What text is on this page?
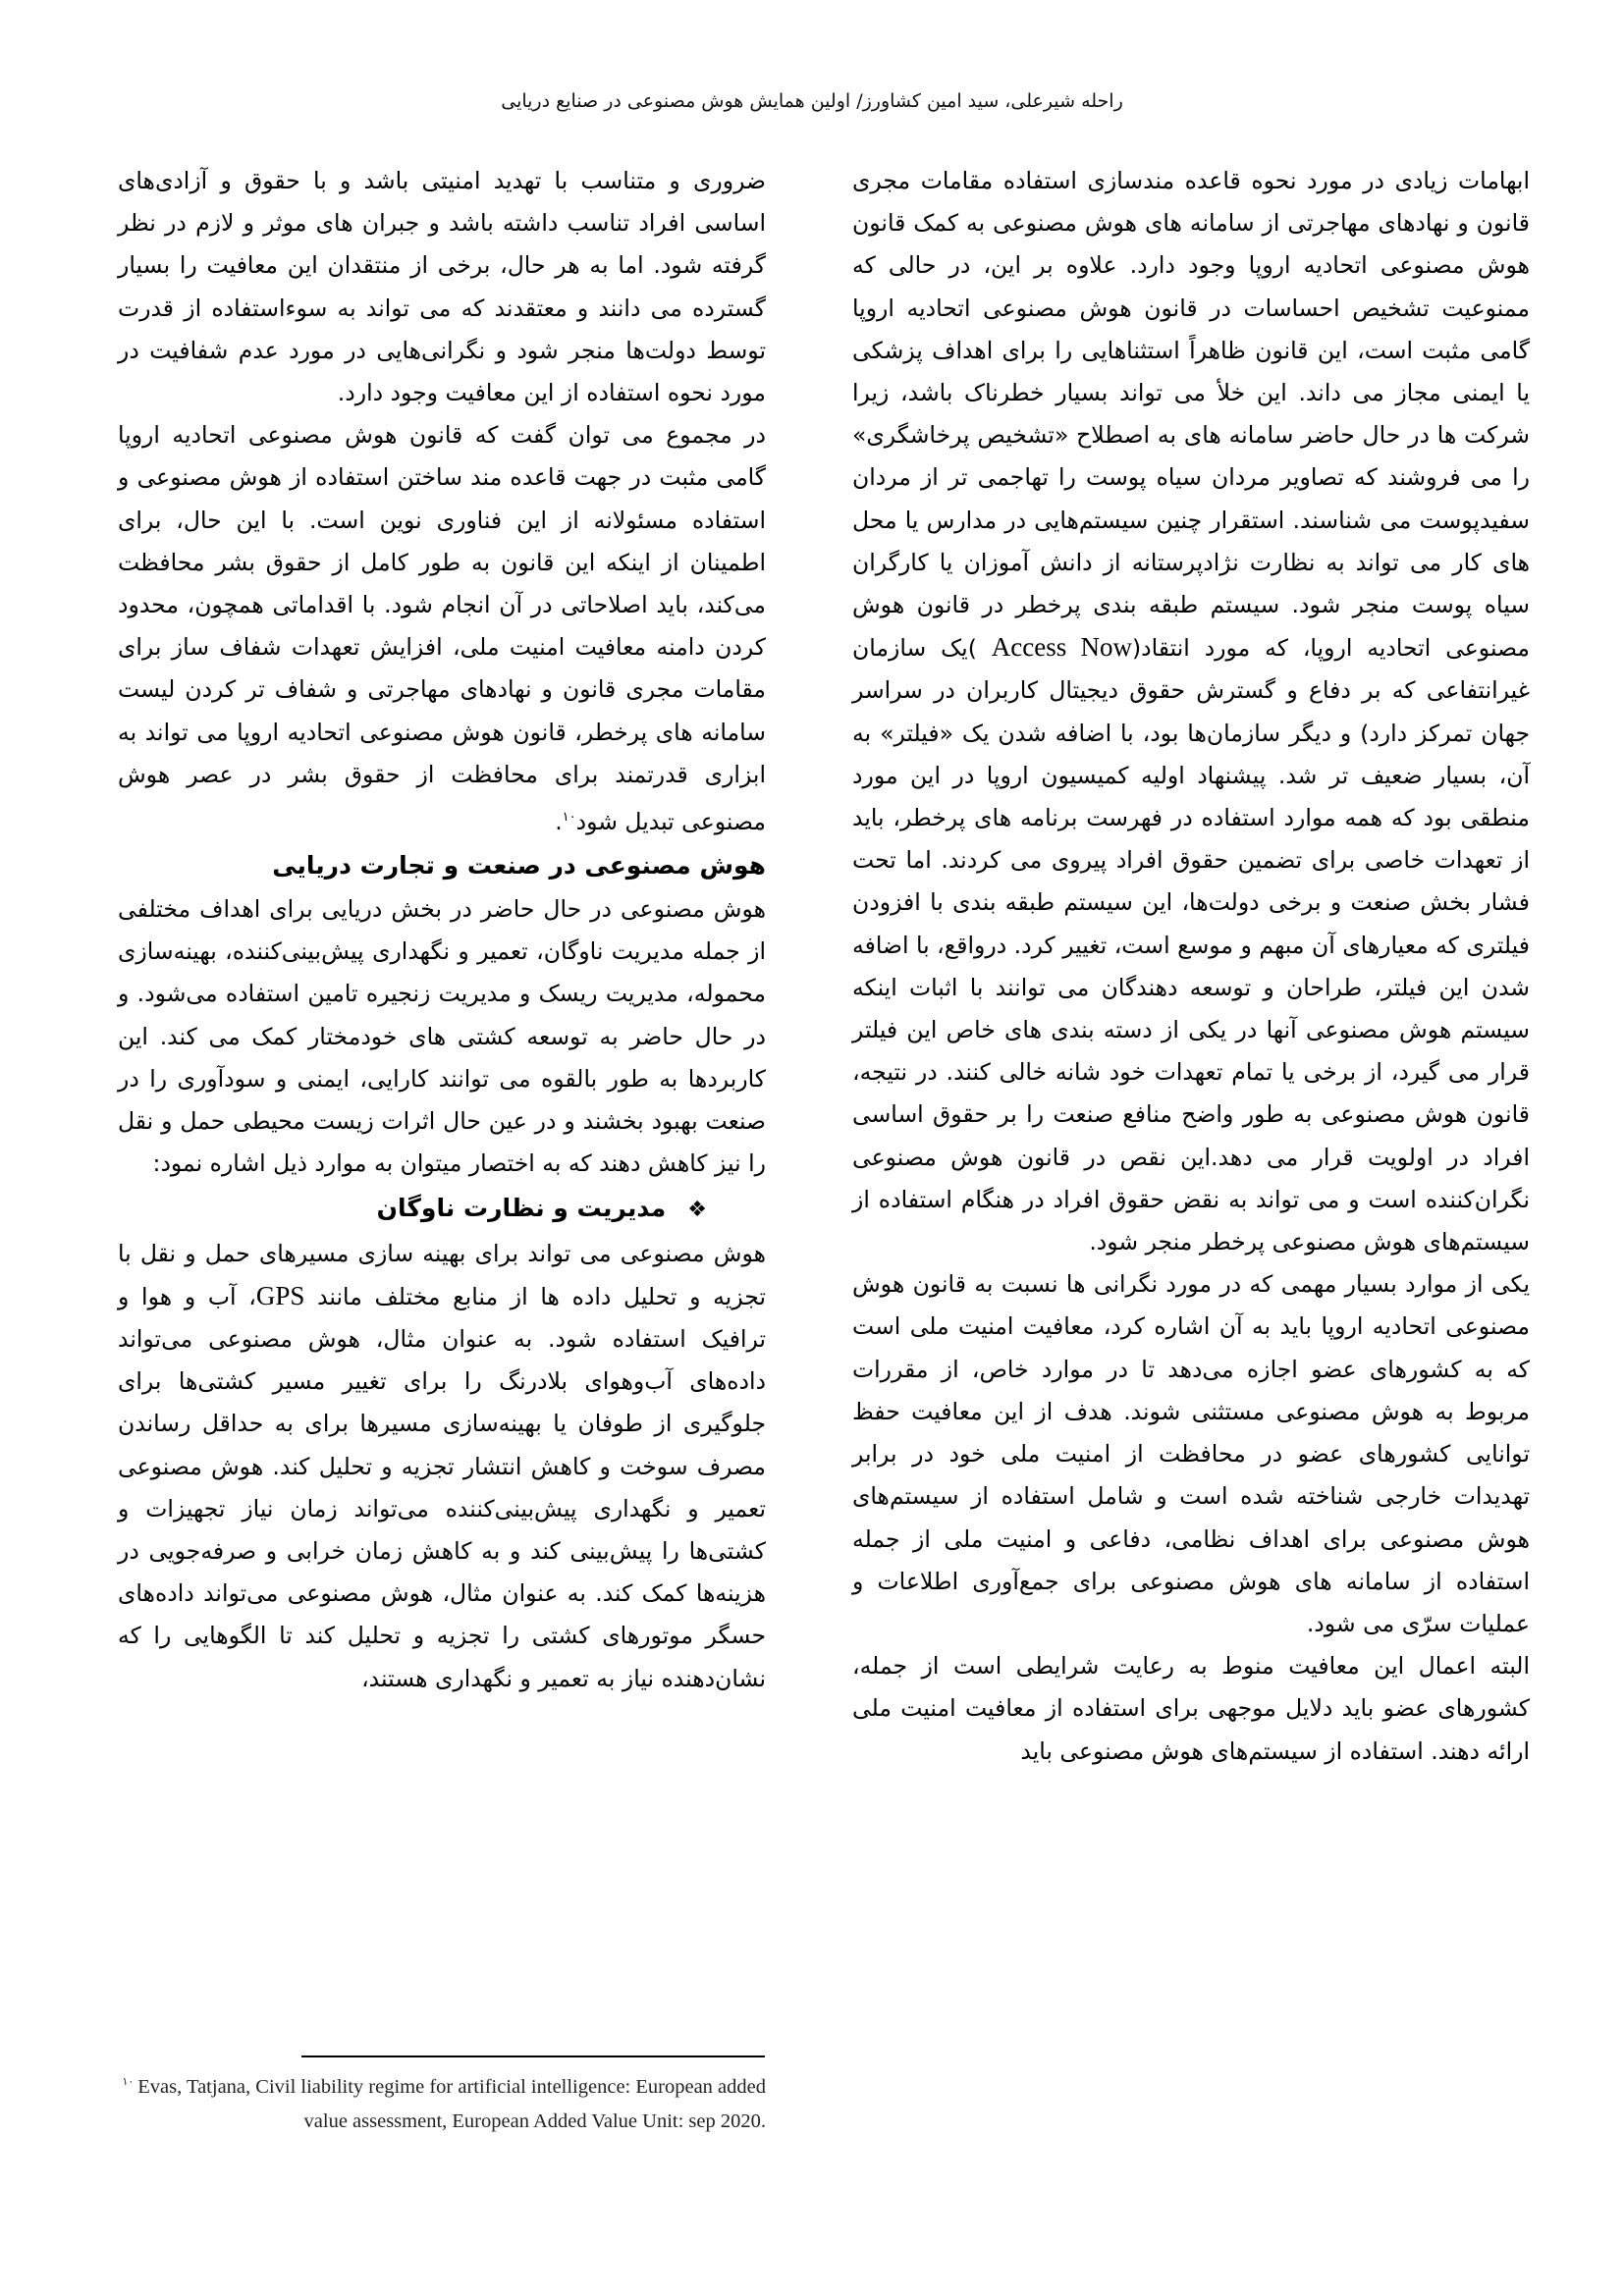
راحله شیرعلی، سید امین کشاورز/ اولین همایش هوش مصنوعی در صنایع دریایی

ابهامات زیادی در مورد نحوه قاعده مندسازی استفاده مقامات مجری قانون و نهادهای مهاجرتی از سامانه های هوش مصنوعی به کمک قانون هوش مصنوعی اتحادیه اروپا وجود دارد. علاوه بر این، در حالی که ممنوعیت تشخیص احساسات در قانون هوش مصنوعی اتحادیه اروپا گامی مثبت است، این قانون ظاهراً استثناهایی را برای اهداف پزشکی یا ایمنی مجاز می داند. این خلأ می تواند بسیار خطرناک باشد، زیرا شرکت ها در حال حاضر سامانه های به اصطلاح «تشخیص پرخاشگری» را می فروشند که تصاویر مردان سیاه پوست را تهاجمی تر از مردان سفیدپوست می شناسند. استقرار چنین سیستم‌هایی در مدارس یا محل های کار می تواند به نظارت نژادپرستانه از دانش آموزان یا کارگران سیاه پوست منجر شود. سیستم طبقه بندی پرخطر در قانون هوش مصنوعی اتحادیه اروپا، که مورد انتقاد(Access Now )یک سازمان غیرانتفاعی که بر دفاع و گسترش حقوق دیجیتال کاربران در سراسر جهان تمرکز دارد) و دیگر سازمان‌ها بود، با اضافه شدن یک «فیلتر» به آن، بسیار ضعیف تر شد. پیشنهاد اولیه کمیسیون اروپا در این مورد منطقی بود که همه موارد استفاده در فهرست برنامه های پرخطر، باید از تعهدات خاصی برای تضمین حقوق افراد پیروی می کردند. اما تحت فشار بخش صنعت و برخی دولت‌ها، این سیستم طبقه بندی با افزودن فیلتری که معیارهای آن مبهم و موسع است، تغییر کرد. درواقع، با اضافه شدن این فیلتر، طراحان و توسعه دهندگان می توانند با اثبات اینکه سیستم هوش مصنوعی آنها در یکی از دسته بندی های خاص این فیلتر قرار می گیرد، از برخی یا تمام تعهدات خود شانه خالی کنند. در نتیجه، قانون هوش مصنوعی به طور واضح منافع صنعت را بر حقوق اساسی افراد در اولویت قرار می دهد.این نقص در قانون هوش مصنوعی نگران‌کننده است و می تواند به نقض حقوق افراد در هنگام استفاده از سیستم‌های هوش مصنوعی پرخطر منجر شود.

یکی از موارد بسیار مهمی که در مورد نگرانی ها نسبت به قانون هوش مصنوعی اتحادیه اروپا باید به آن اشاره کرد، معافیت امنیت ملی است که به کشورهای عضو اجازه می‌دهد تا در موارد خاص، از مقررات مربوط به هوش مصنوعی مستثنی شوند. هدف از این معافیت حفظ توانایی کشورهای عضو در محافظت از امنیت ملی خود در برابر تهدیدات خارجی شناخته شده است و شامل استفاده از سیستم‌های هوش مصنوعی برای اهداف نظامی، دفاعی و امنیت ملی از جمله استفاده از سامانه های هوش مصنوعی برای جمع‌آوری اطلاعات و عملیات سرّی می شود.

البته اعمال این معافیت منوط به رعایت شرایطی است از جمله، کشورهای عضو باید دلایل موجهی برای استفاده از معافیت امنیت ملی ارائه دهند. استفاده از سیستم‌های هوش مصنوعی باید

ضروری و متناسب با تهدید امنیتی باشد و با حقوق و آزادی‌های اساسی افراد تناسب داشته باشد و جبران های موثر و لازم در نظر گرفته شود. اما به هر حال، برخی از منتقدان این معافیت را بسیار گسترده می دانند و معتقدند که می تواند به سوءاستفاده از قدرت توسط دولت‌ها منجر شود و نگرانی‌هایی در مورد عدم شفافیت در مورد نحوه استفاده از این معافیت وجود دارد.

در مجموع می توان گفت که قانون هوش مصنوعی اتحادیه اروپا گامی مثبت در جهت قاعده مند ساختن استفاده از هوش مصنوعی و استفاده مسئولانه از این فناوری نوین است. با این حال، برای اطمینان از اینکه این قانون به طور کامل از حقوق بشر محافظت می‌کند، باید اصلاحاتی در آن انجام شود. با اقداماتی همچون، محدود کردن دامنه معافیت امنیت ملی، افزایش تعهدات شفاف ساز برای مقامات مجری قانون و نهادهای مهاجرتی و شفاف تر کردن لیست سامانه های پرخطر، قانون هوش مصنوعی اتحادیه اروپا می تواند به ابزاری قدرتمند برای محافظت از حقوق بشر در عصر هوش مصنوعی تبدیل شود$^{۱۰}$.

هوش مصنوعی در صنعت و تجارت دریایی

هوش مصنوعی در حال حاضر در بخش دریایی برای اهداف مختلفی از جمله مدیریت ناوگان، تعمیر و نگهداری پیش‌بینی‌کننده، بهینه‌سازی محموله، مدیریت ریسک و مدیریت زنجیره تامین استفاده می‌شود. و در حال حاضر به توسعه کشتی های خودمختار کمک می کند. این کاربردها به طور بالقوه می توانند کارایی، ایمنی و سودآوری را در صنعت بهبود بخشند و در عین حال اثرات زیست محیطی حمل و نقل را نیز کاهش دهند که به اختصار میتوان به موارد ذیل اشاره نمود:

❖مدیریت و نظارت ناوگان

هوش مصنوعی می تواند برای بهینه سازی مسیرهای حمل و نقل با تجزیه و تحلیل داده ها از منابع مختلف مانند GPS، آب و هوا و ترافیک استفاده شود. به عنوان مثال، هوش مصنوعی می‌تواند داده‌های آب‌وهوای بلادرنگ را برای تغییر مسیر کشتی‌ها برای جلوگیری از طوفان یا بهینه‌سازی مسیرها برای به حداقل رساندن مصرف سوخت و کاهش انتشار تجزیه و تحلیل کند. هوش مصنوعی تعمیر و نگهداری پیش‌بینی‌کننده می‌تواند زمان نیاز تجهیزات و کشتی‌ها را پیش‌بینی کند و به کاهش زمان خرابی و صرفه‌جویی در هزینه‌ها کمک کند. به عنوان مثال، هوش مصنوعی می‌تواند داده‌های حسگر موتورهای کشتی را تجزیه و تحلیل کند تا الگوهایی را که نشان‌دهنده نیاز به تعمیر و نگهداری هستند،

$^{۱۰}$ Evas, Tatjana, Civil liability regime for artificial intelligence: European added value assessment, European Added Value Unit: sep 2020.
